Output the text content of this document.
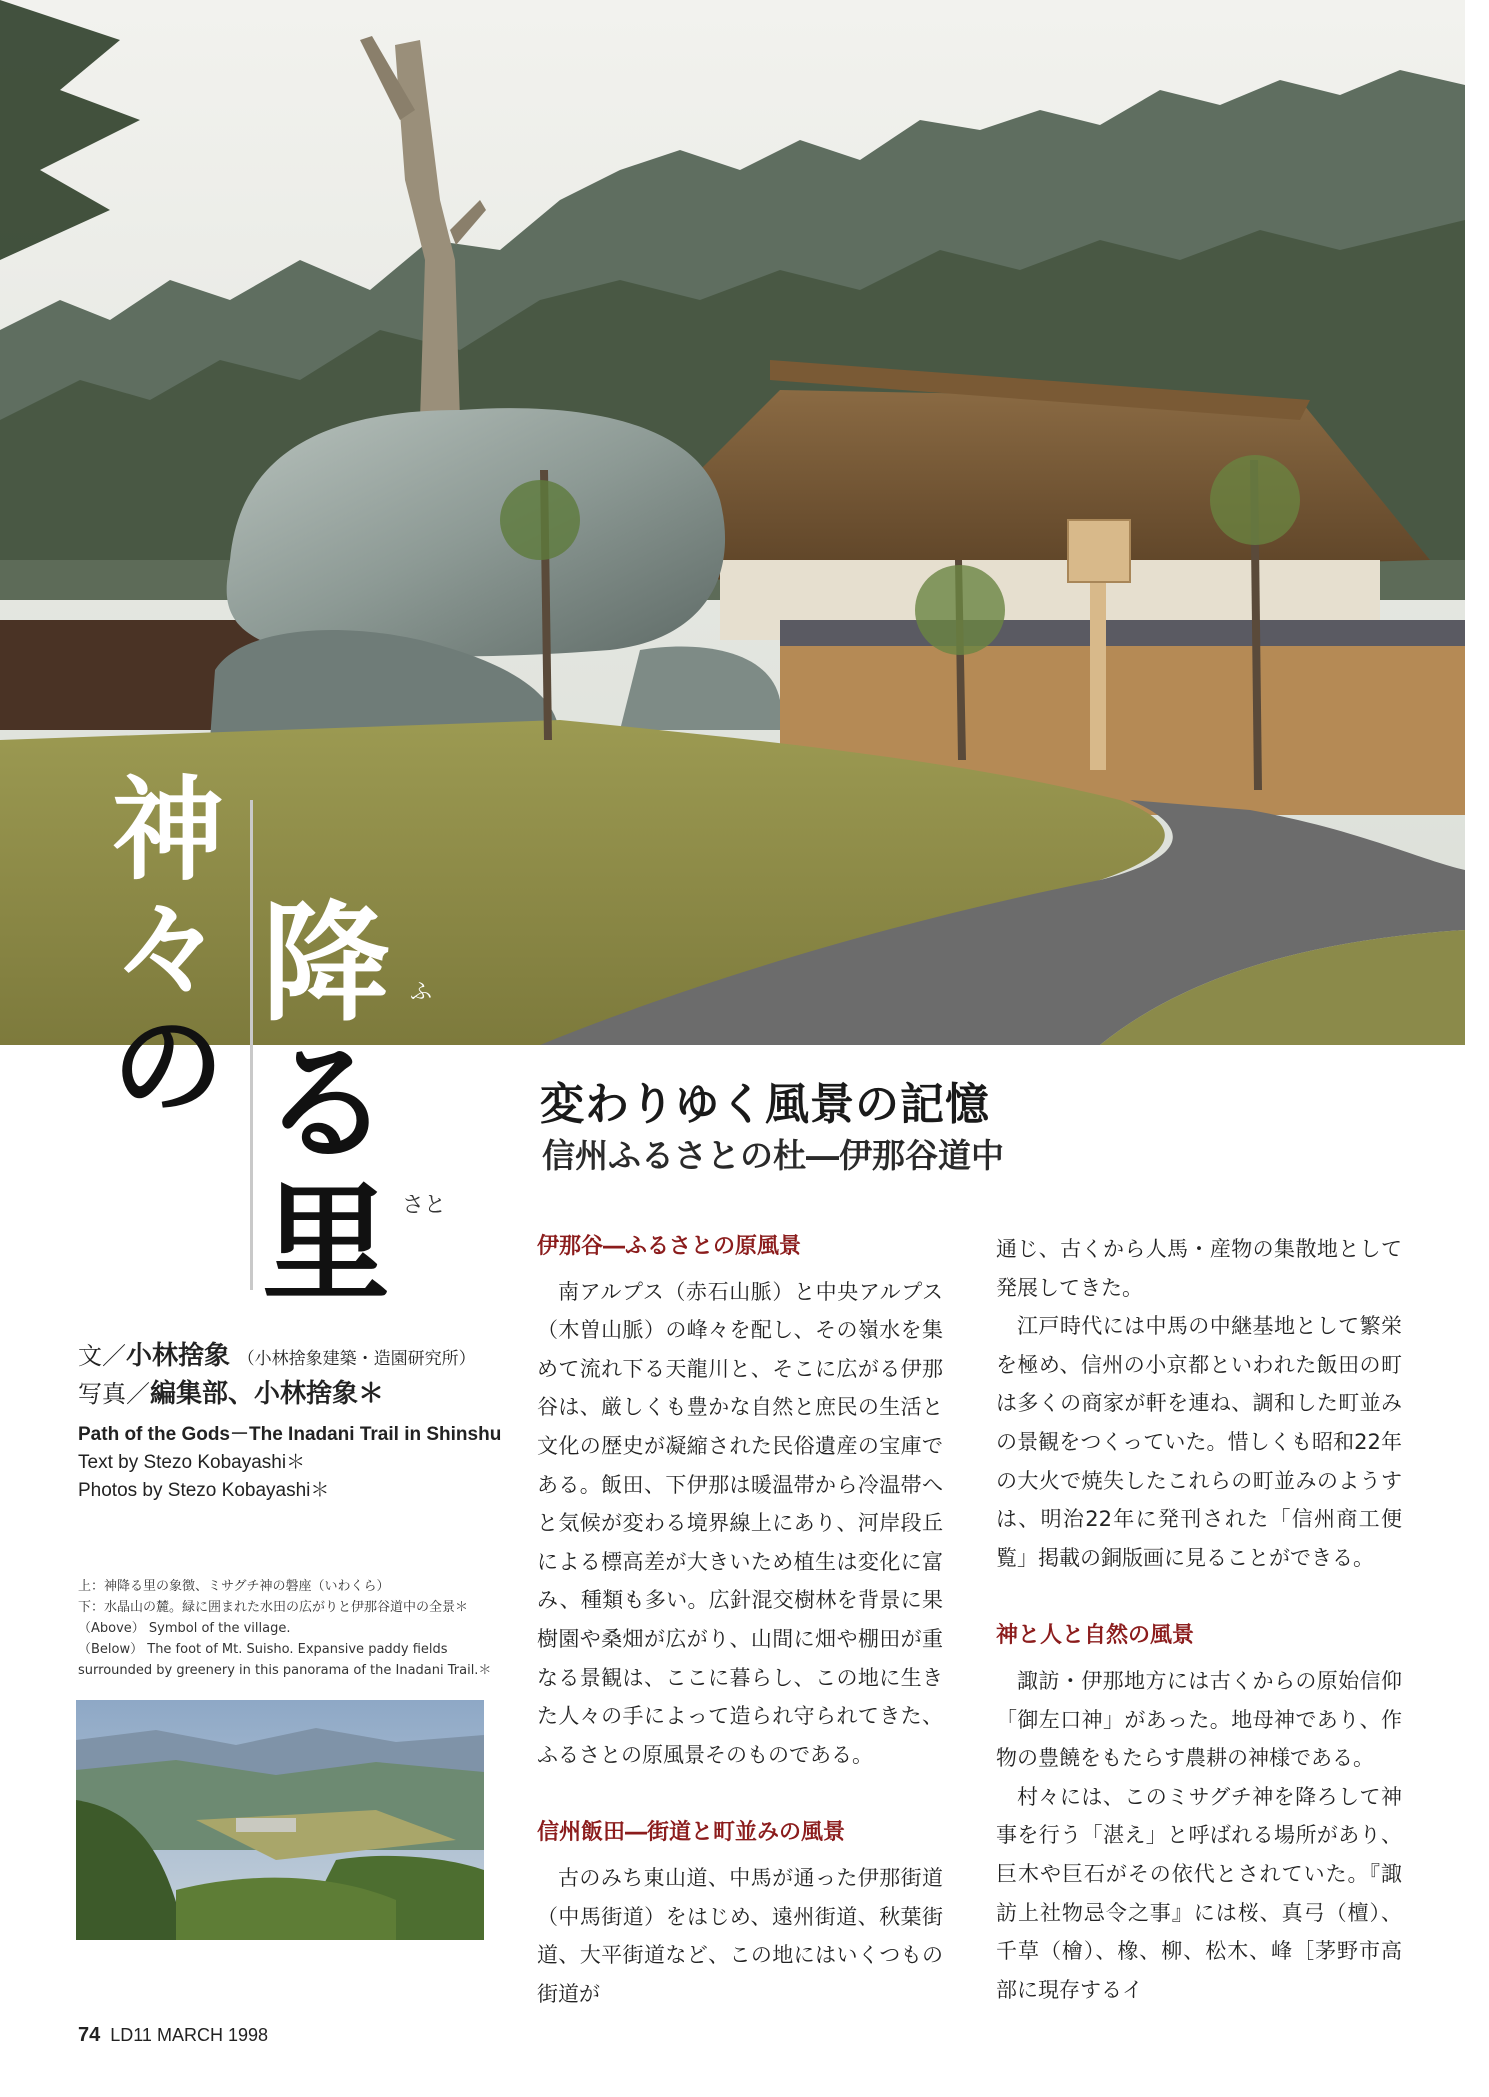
神
々
の
降
る
里
ふ
さと
変わりゆく風景の記憶
信州ふるさとの杜―伊那谷道中
文／小林捨象 （小林捨象建築・造園研究所）
写真／編集部、小林捨象＊
Path of the Gods－The Inadani Trail in Shinshu
Text by Stezo Kobayashi＊
Photos by Stezo Kobayashi＊
上：神降る里の象徴、ミサグチ神の磐座（いわくら）
下：水晶山の麓。緑に囲まれた水田の広がりと伊那谷道中の全景＊
（Above） Symbol of the village.
（Below） The foot of Mt. Suisho. Expansive paddy fields
surrounded by greenery in this panorama of the Inadani Trail.＊
伊那谷―ふるさとの原風景

南アルプス（赤石山脈）と中央アルプス（木曽山脈）の峰々を配し、その嶺水を集めて流れ下る天龍川と、そこに広がる伊那谷は、厳しくも豊かな自然と庶民の生活と文化の歴史が凝縮された民俗遺産の宝庫である。飯田、下伊那は暖温帯から冷温帯へと気候が変わる境界線上にあり、河岸段丘による標高差が大きいため植生は変化に富み、種類も多い。広針混交樹林を背景に果樹園や桑畑が広がり、山間に畑や棚田が重なる景観は、ここに暮らし、この地に生きた人々の手によって造られ守られてきた、ふるさとの原風景そのものである。

信州飯田―街道と町並みの風景

古のみち東山道、中馬が通った伊那街道（中馬街道）をはじめ、遠州街道、秋葉街道、大平街道など、この地にはいくつもの街道が

通じ、古くから人馬・産物の集散地として発展してきた。

江戸時代には中馬の中継基地として繁栄を極め、信州の小京都といわれた飯田の町は多くの商家が軒を連ね、調和した町並みの景観をつくっていた。惜しくも昭和22年の大火で焼失したこれらの町並みのようすは、明治22年に発刊された「信州商工便覧」掲載の銅版画に見ることができる。

神と人と自然の風景

諏訪・伊那地方には古くからの原始信仰「御左口神」があった。地母神であり、作物の豊饒をもたらす農耕の神様である。

村々には、このミサグチ神を降ろして神事を行う「湛え」と呼ばれる場所があり、巨木や巨石がその依代とされていた。『諏訪上社物忌令之事』には桜、真弓（檀）、千草（檜）、橡、柳、松木、峰［茅野市高部に現存するイ

74 LD11 MARCH 1998
